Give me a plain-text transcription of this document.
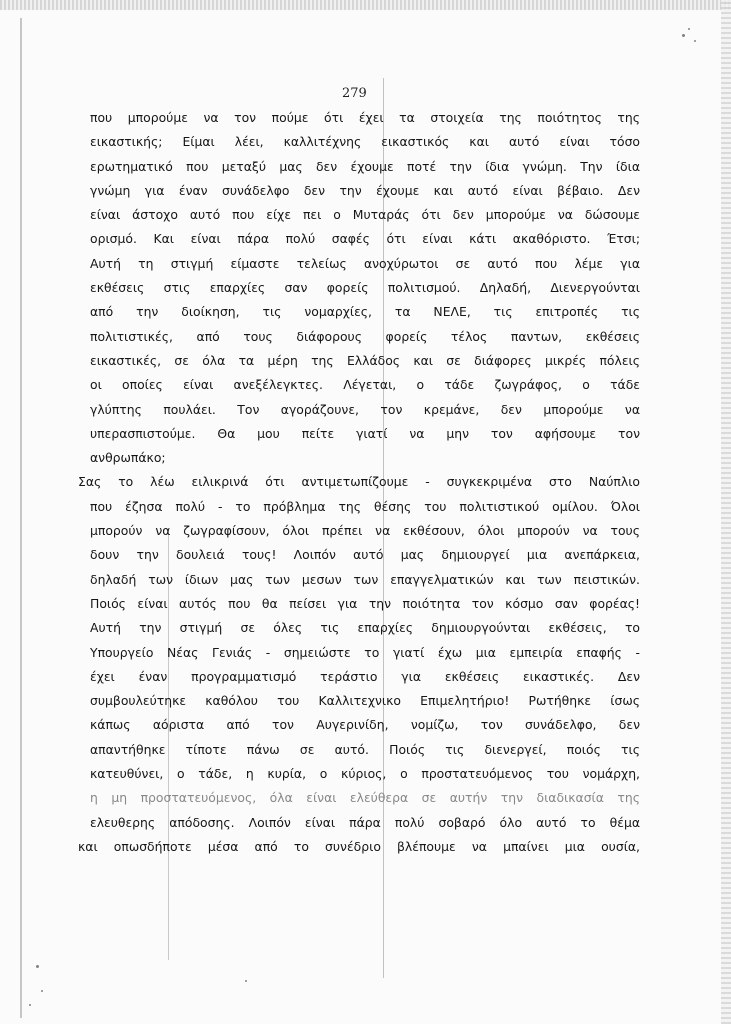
279
που μπορούμε να τον πούμε ότι έχει τα στοιχεία της ποιότητος της
εικαστικής; Είμαι λέει, καλλιτέχνης εικαστικός και αυτό είναι τόσο
ερωτηματικό που μεταξύ μας δεν έχουμε ποτέ την ίδια γνώμη. Την ίδια
γνώμη για έναν συνάδελφο δεν την έχουμε και αυτό είναι βέβαιο. Δεν
είναι άστοχο αυτό που είχε πει ο Μυταράς ότι δεν μπορούμε να δώσουμε
ορισμό. Και είναι πάρα πολύ σαφές ότι είναι κάτι ακαθόριστο. Έτσι;
Αυτή τη στιγμή είμαστε τελείως ανοχύρωτοι σε αυτό που λέμε για
εκθέσεις στις επαρχίες σαν φορείς πολιτισμού. Δηλαδή, Διενεργούνται
από την διοίκηση, τις νομαρχίες, τα ΝΕΛΕ, τις επιτροπές τις
πολιτιστικές, από τους διάφορους φορείς τέλος παντων, εκθέσεις
εικαστικές, σε όλα τα μέρη της Ελλάδος και σε διάφορες μικρές πόλεις
οι οποίες είναι ανεξέλεγκτες. Λέγεται, ο τάδε ζωγράφος, ο τάδε
γλύπτης πουλάει. Τον αγοράζουνε, τον κρεμάνε, δεν μπορούμε να
υπερασπιστούμε. Θα μου πείτε γιατί να μην τον αφήσουμε τον
ανθρωπάκο;
Σας το λέω ειλικρινά ότι αντιμετωπίζουμε - συγκεκριμένα στο Ναύπλιο
που έζησα πολύ - το πρόβλημα της θέσης του πολιτιστικού ομίλου. Όλοι
μπορούν να ζωγραφίσουν, όλοι πρέπει να εκθέσουν, όλοι μπορούν να τους
δουν την δουλειά τους! Λοιπόν αυτό μας δημιουργεί μια ανεπάρκεια,
δηλαδή των ίδιων μας των μεσων των επαγγελματικών και των πειστικών.
Ποιός είναι αυτός που θα πείσει για την ποιότητα τον κόσμο σαν φορέας!
Αυτή την στιγμή σε όλες τις επαρχίες δημιουργούνται εκθέσεις, το
Υπουργείο Νέας Γενιάς - σημειώστε το γιατί έχω μια εμπειρία επαφής -
έχει έναν προγραμματισμό τεράστιο για εκθέσεις εικαστικές. Δεν
συμβουλεύτηκε καθόλου του Καλλιτεχνικο Επιμελητήριο! Ρωτήθηκε ίσως
κάπως αόριστα από τον Αυγερινίδη, νομίζω, τον συνάδελφο, δεν
απαντήθηκε τίποτε πάνω σε αυτό. Ποιός τις διενεργεί, ποιός τις
κατευθύνει, ο τάδε, η κυρία, ο κύριος, ο προστατευόμενος του νομάρχη,
η μη προστατευόμενος, όλα είναι ελεύθερα σε αυτήν την διαδικασία της
ελευθερης απόδοσης. Λοιπόν είναι πάρα πολύ σοβαρό όλο αυτό το θέμα
και οπωσδήποτε μέσα από το συνέδριο βλέπουμε να μπαίνει μια ουσία,
